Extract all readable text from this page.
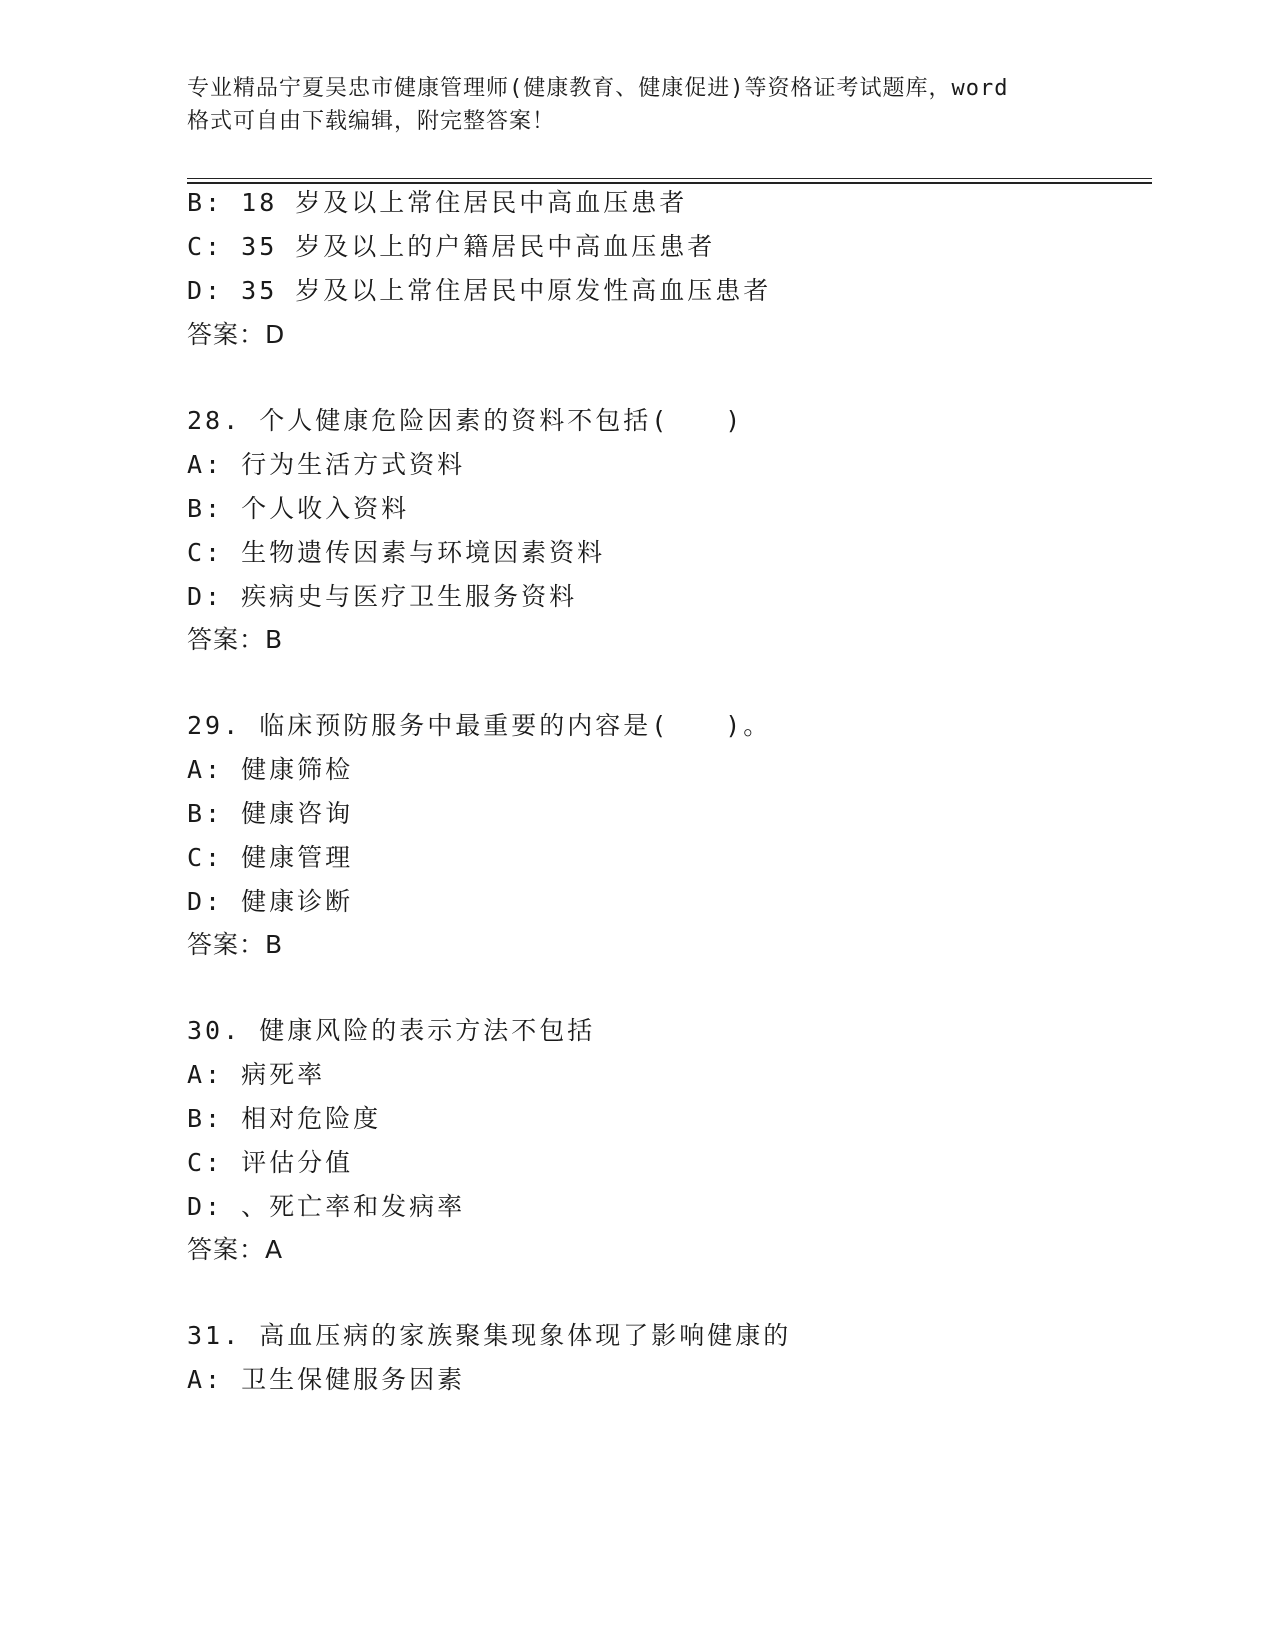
专业精品宁夏吴忠市健康管理师(健康教育、健康促进)等资格证考试题库，word
格式可自由下载编辑，附完整答案！
B: 18 岁及以上常住居民中高血压患者
C: 35 岁及以上的户籍居民中高血压患者
D: 35 岁及以上常住居民中原发性高血压患者
答案：D
28. 个人健康危险因素的资料不包括(　　)
A: 行为生活方式资料
B: 个人收入资料
C: 生物遗传因素与环境因素资料
D: 疾病史与医疗卫生服务资料
答案：B
29. 临床预防服务中最重要的内容是(　　)。
A: 健康筛检
B: 健康咨询
C: 健康管理
D: 健康诊断
答案：B
30. 健康风险的表示方法不包括
A: 病死率
B: 相对危险度
C: 评估分值
D: 、死亡率和发病率
答案：A
31. 高血压病的家族聚集现象体现了影响健康的
A: 卫生保健服务因素
